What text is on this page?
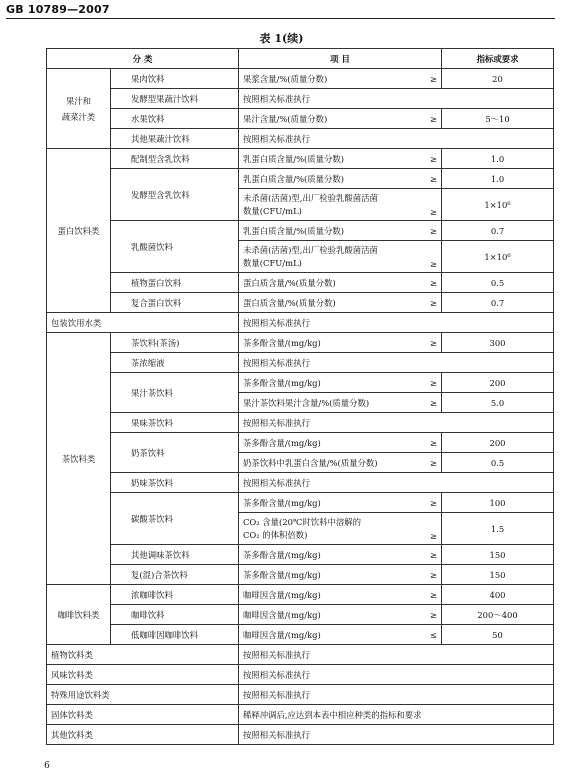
GB 10789—2007
表 1(续)
分 类		项 目	指标或要求
果汁和
蔬菜汁类	果肉饮料	果浆含量/%(质量分数) ≥	20
	发酵型果蔬汁饮料	按照相关标准执行	
	水果饮料	果汁含量/%(质量分数) ≥	5～10
	其他果蔬汁饮料	按照相关标准执行	
蛋白饮料类	配制型含乳饮料	乳蛋白质含量/%(质量分数) ≥	1.0
	发酵型含乳饮料	乳蛋白质含量/%(质量分数) ≥	1.0

		未杀菌(活菌)型,出厂检验乳酸菌活菌
数量(CFU/mL) ≥	1×10⁶
	乳酸菌饮料	乳蛋白质含量/%(质量分数) ≥	0.7

		未杀菌(活菌)型,出厂检验乳酸菌活菌
数量(CFU/mL) ≥	1×10⁶
	植物蛋白饮料	蛋白质含量/%(质量分数) ≥	0.5
	复合蛋白饮料	蛋白质含量/%(质量分数) ≥	0.7
包装饮用水类		按照相关标准执行	
茶饮料类	茶饮料(茶汤)	茶多酚含量/(mg/kg) ≥	300
	茶浓缩液	按照相关标准执行	
	果汁茶饮料	茶多酚含量/(mg/kg) ≥	200

		果汁茶饮料果汁含量/%(质量分数) ≥	5.0
	果味茶饮料	按照相关标准执行	
	奶茶饮料	茶多酚含量/(mg/kg) ≥	200

		奶茶饮料中乳蛋白含量/%(质量分数) ≥	0.5
	奶味茶饮料	按照相关标准执行	
	碳酸茶饮料	茶多酚含量/(mg/kg) ≥	100

		CO₂ 含量(20℃时饮料中溶解的
CO₂ 的体积倍数) ≥	1.5
	其他调味茶饮料	茶多酚含量/(mg/kg) ≥	150
	复(混)合茶饮料	茶多酚含量/(mg/kg) ≥	150
咖啡饮料类	浓咖啡饮料	咖啡因含量/(mg/kg) ≥	400
	咖啡饮料	咖啡因含量/(mg/kg) ≥	200～400
	低咖啡因咖啡饮料	咖啡因含量/(mg/kg) ≤	50
植物饮料类		按照相关标准执行	
风味饮料类		按照相关标准执行	
特殊用途饮料类		按照相关标准执行	
固体饮料类		稀释冲调后,应达到本表中相应种类的指标和要求	
其他饮料类		按照相关标准执行	
6
